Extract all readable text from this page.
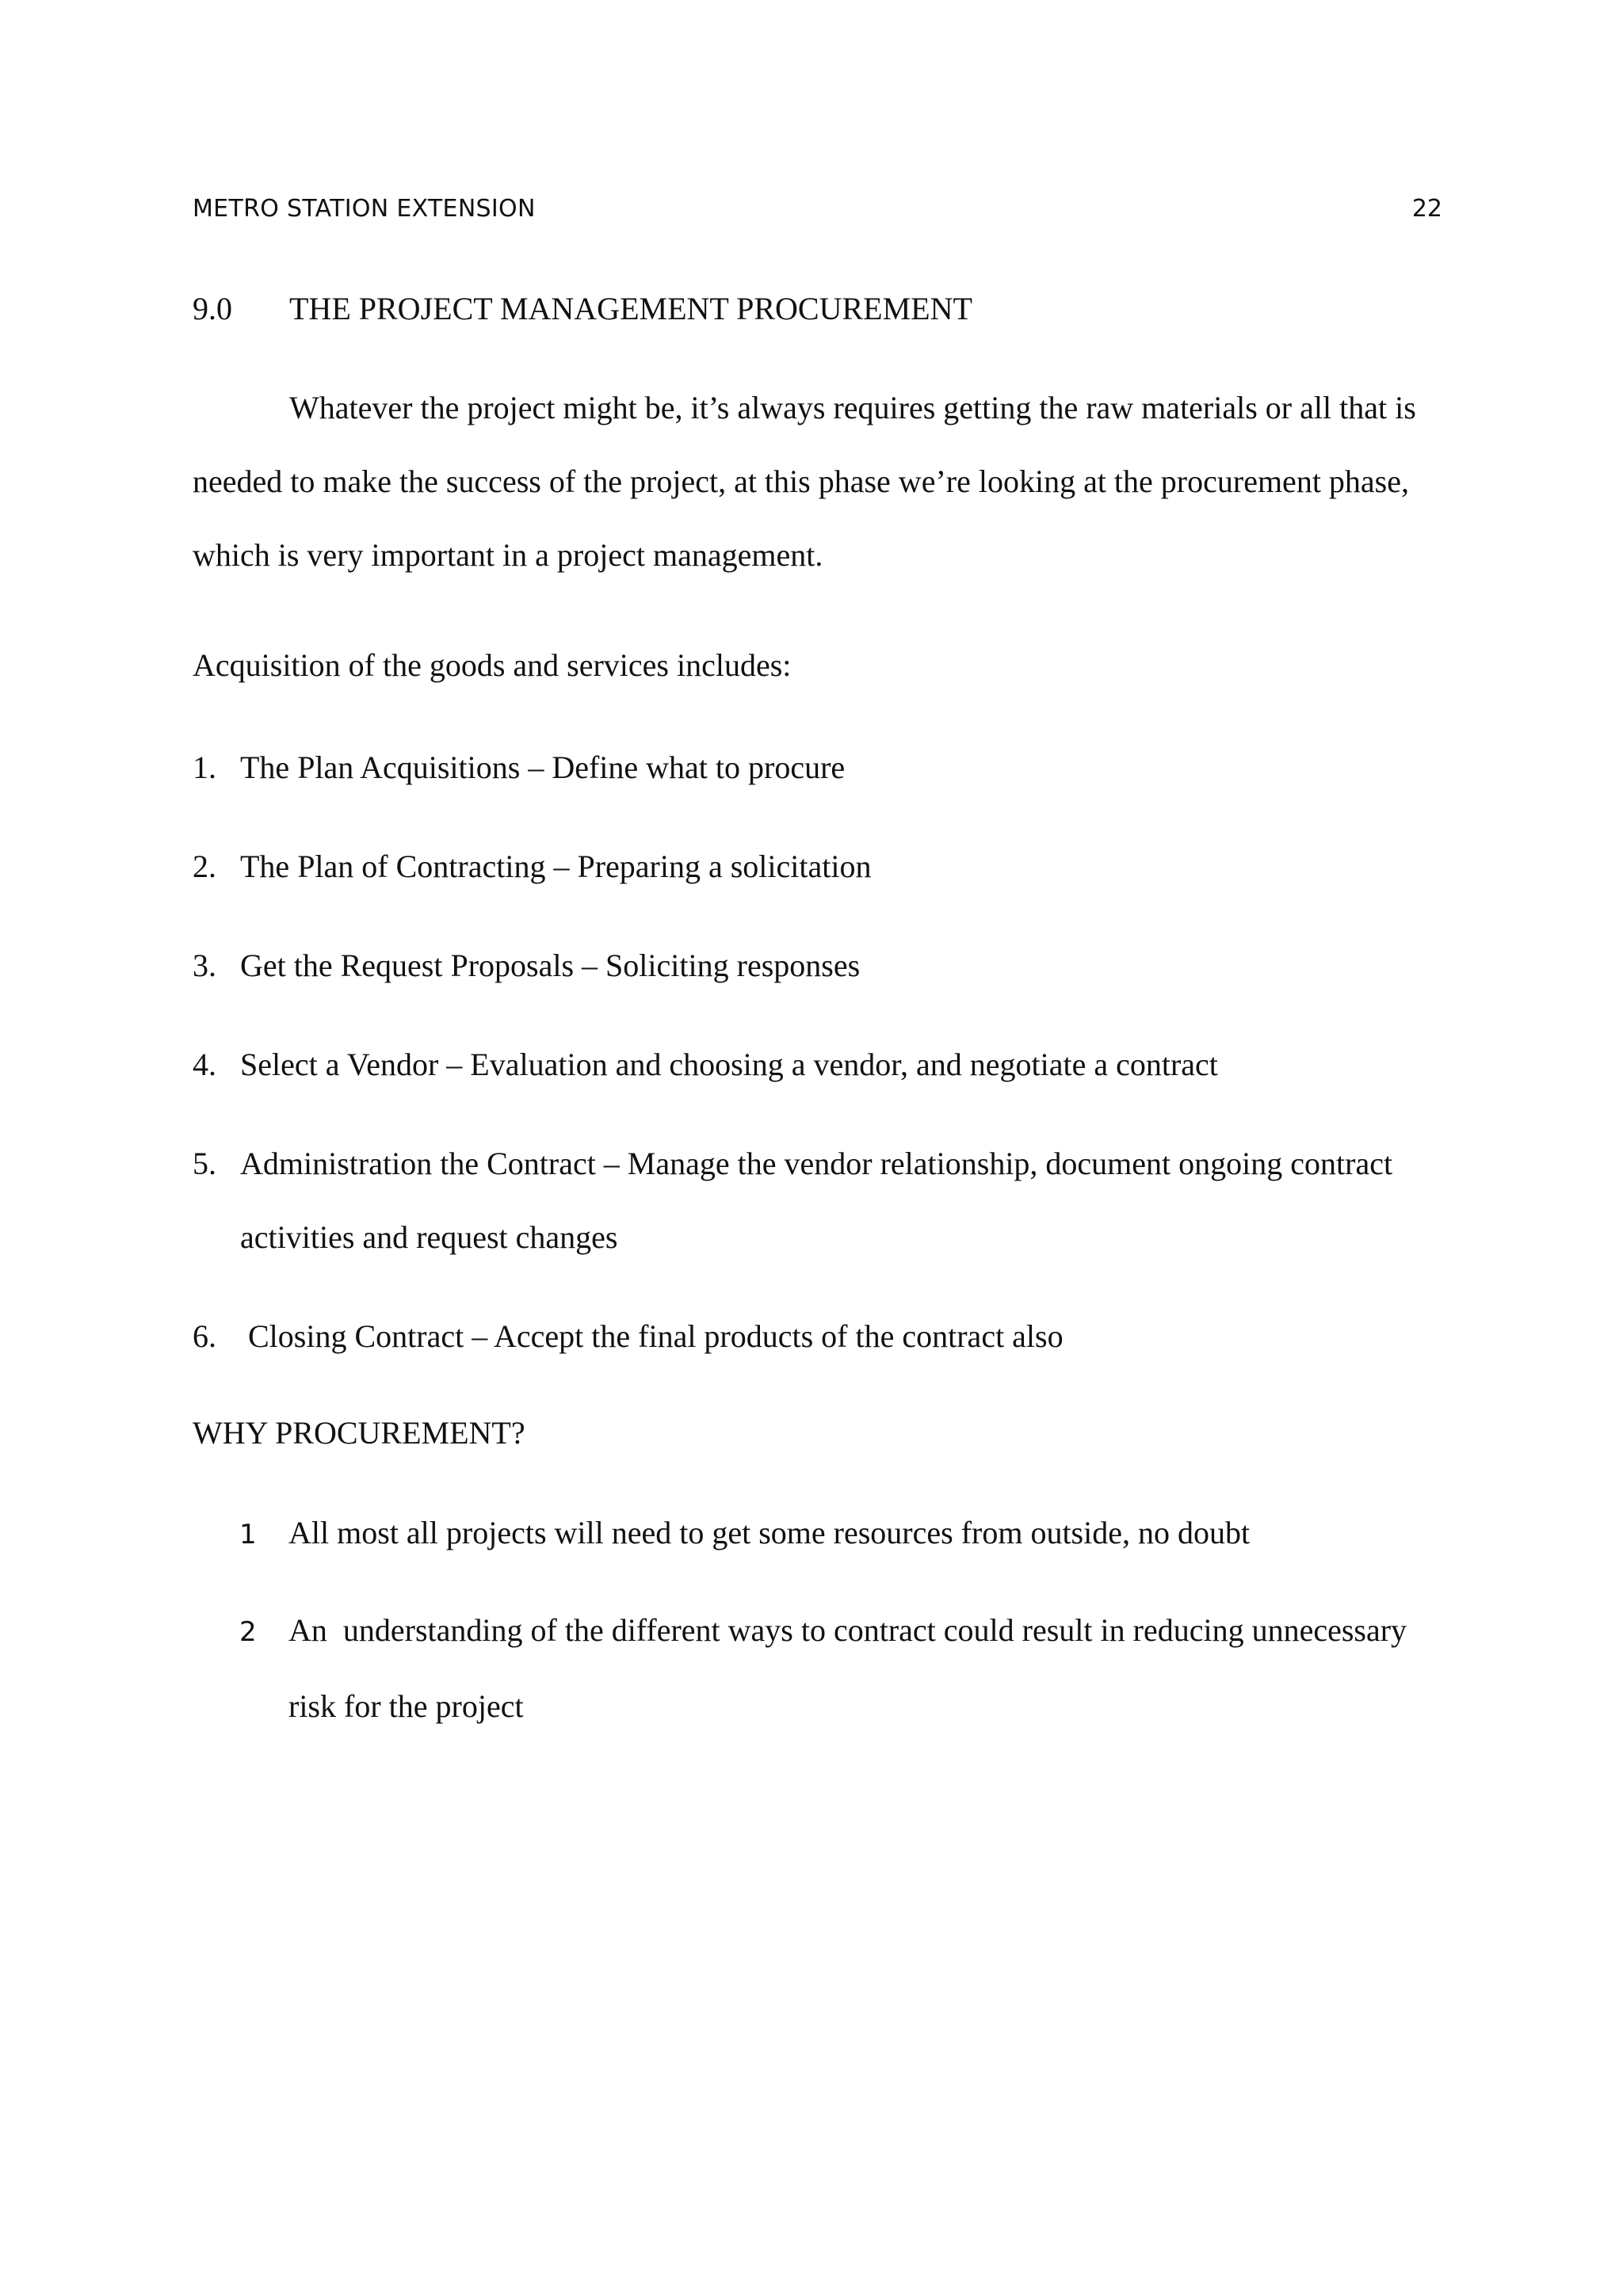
METRO STATION EXTENSION	22
9.0 THE PROJECT MANAGEMENT PROCUREMENT
Whatever the project might be, it’s always requires getting the raw materials or all that is
needed to make the success of the project, at this phase we’re looking at the procurement phase,
which is very important in a project management.
Acquisition of the goods and services includes:
1. The Plan Acquisitions – Define what to procure
2. The Plan of Contracting – Preparing a solicitation
3. Get the Request Proposals – Soliciting responses
4. Select a Vendor – Evaluation and choosing a vendor, and negotiate a contract
5. Administration the Contract – Manage the vendor relationship, document ongoing contract
activities and request changes
6. Closing Contract – Accept the final products of the contract also
WHY PROCUREMENT?
1 All most all projects will need to get some resources from outside, no doubt
2 An  understanding of the different ways to contract could result in reducing unnecessary
risk for the project
